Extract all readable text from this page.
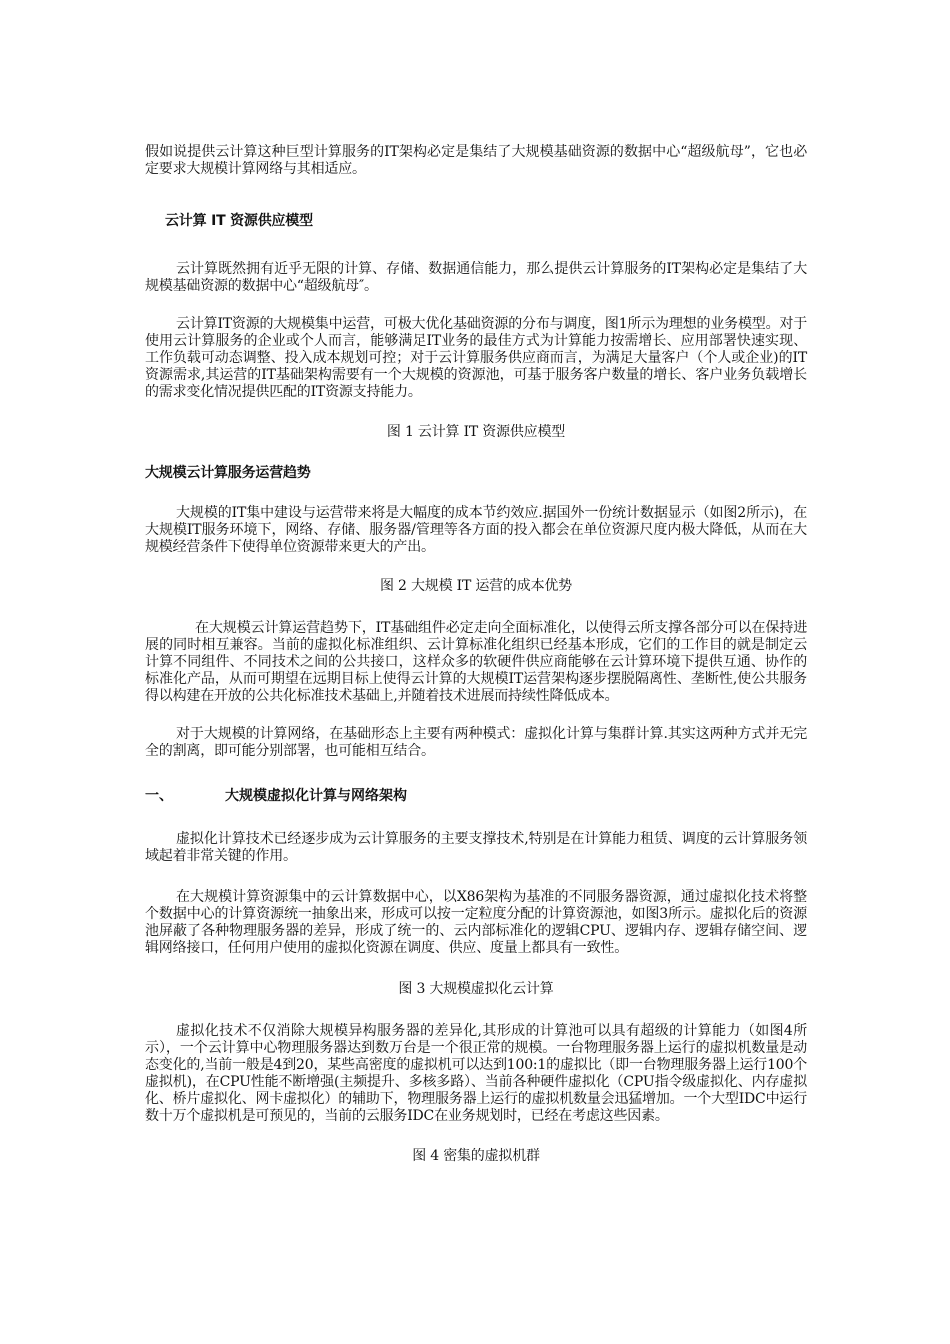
假如说提供云计算这种巨型计算服务的IT架构必定是集结了大规模基础资源的数据中心“超级航母”，它也必定要求大规模计算网络与其相适应。

云计算 IT 资源供应模型

云计算既然拥有近乎无限的计算、存储、数据通信能力，那么提供云计算服务的IT架构必定是集结了大规模基础资源的数据中心“超级航母″。

云计算IT资源的大规模集中运营，可极大优化基础资源的分布与调度，图1所示为理想的业务模型。对于使用云计算服务的企业或个人而言，能够满足IT业务的最佳方式为计算能力按需增长、应用部署快速实现、工作负载可动态调整、投入成本规划可控；对于云计算服务供应商而言，为满足大量客户（个人或企业)的IT资源需求,其运营的IT基础架构需要有一个大规模的资源池，可基于服务客户数量的增长、客户业务负载增长的需求变化情况提供匹配的IT资源支持能力。

图 1 云计算 IT 资源供应模型

大规模云计算服务运营趋势

大规模的IT集中建设与运营带来将是大幅度的成本节约效应.据国外一份统计数据显示（如图2所示)，在大规模IT服务环境下，网络、存储、服务器/管理等各方面的投入都会在单位资源尺度内极大降低，从而在大规模经营条件下使得单位资源带来更大的产出。

图 2 大规模 IT 运营的成本优势

在大规模云计算运营趋势下，IT基础组件必定走向全面标准化，以使得云所支撑各部分可以在保持进展的同时相互兼容。当前的虚拟化标准组织、云计算标准化组织已经基本形成，它们的工作目的就是制定云计算不同组件、不同技术之间的公共接口，这样众多的软硬件供应商能够在云计算环境下提供互通、协作的标准化产品，从而可期望在远期目标上使得云计算的大规模IT运营架构逐步摆脱隔离性、垄断性,使公共服务得以构建在开放的公共化标准技术基础上,并随着技术进展而持续性降低成本。

对于大规模的计算网络，在基础形态上主要有两种模式：虚拟化计算与集群计算.其实这两种方式并无完全的割离，即可能分别部署，也可能相互结合。

一、	大规模虚拟化计算与网络架构

虚拟化计算技术已经逐步成为云计算服务的主要支撑技术,特别是在计算能力租赁、调度的云计算服务领域起着非常关键的作用。

在大规模计算资源集中的云计算数据中心，以X86架构为基准的不同服务器资源，通过虚拟化技术将整个数据中心的计算资源统一抽象出来，形成可以按一定粒度分配的计算资源池，如图3所示。虚拟化后的资源池屏蔽了各种物理服务器的差异，形成了统一的、云内部标准化的逻辑CPU、逻辑内存、逻辑存储空间、逻辑网络接口，任何用户使用的虚拟化资源在调度、供应、度量上都具有一致性。

图 3 大规模虚拟化云计算

虚拟化技术不仅消除大规模异构服务器的差异化,其形成的计算池可以具有超级的计算能力（如图4所示），一个云计算中心物理服务器达到数万台是一个很正常的规模。一台物理服务器上运行的虚拟机数量是动态变化的,当前一般是4到20，某些高密度的虚拟机可以达到100:1的虚拟比（即一台物理服务器上运行100个虚拟机)，在CPU性能不断增强(主频提升、多核多路）、当前各种硬件虚拟化（CPU指令级虚拟化、内存虚拟化、桥片虚拟化、网卡虚拟化）的辅助下，物理服务器上运行的虚拟机数量会迅猛增加。一个大型IDC中运行数十万个虚拟机是可预见的，当前的云服务IDC在业务规划时，已经在考虑这些因素。

图 4 密集的虚拟机群
